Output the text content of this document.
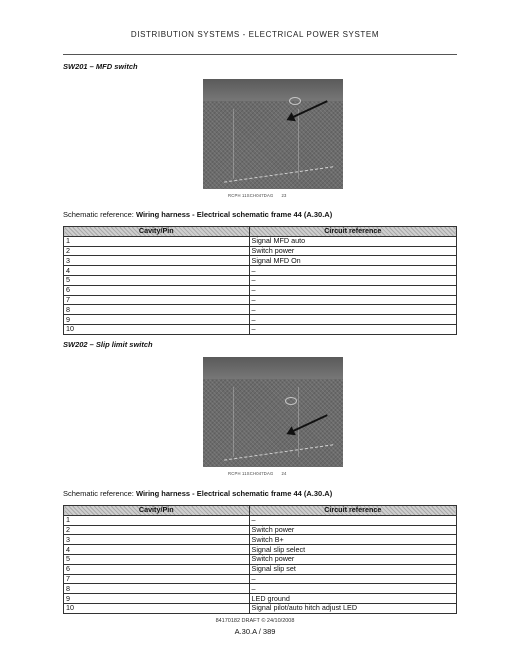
DISTRIBUTION SYSTEMS - ELECTRICAL POWER SYSTEM
SW201 – MFD switch
RCPH 11SCH047DAG 23
Schematic reference: Wiring harness - Electrical schematic frame 44 (A.30.A)
Cavity/Pin	Circuit reference
1	Signal MFD auto
2	Switch power
3	Signal MFD On
4	–
5	–
6	–
7	–
8	–
9	–
10	–
SW202 – Slip limit switch
RCPH 11SCH047DAG 24
Schematic reference: Wiring harness - Electrical schematic frame 44 (A.30.A)
Cavity/Pin	Circuit reference
1	–
2	Switch power
3	Switch B+
4	Signal slip select
5	Switch power
6	Signal slip set
7	–
8	–
9	LED ground
10	Signal pilot/auto hitch adjust LED
84170182 DRAFT © 24/10/2008
A.30.A / 389
